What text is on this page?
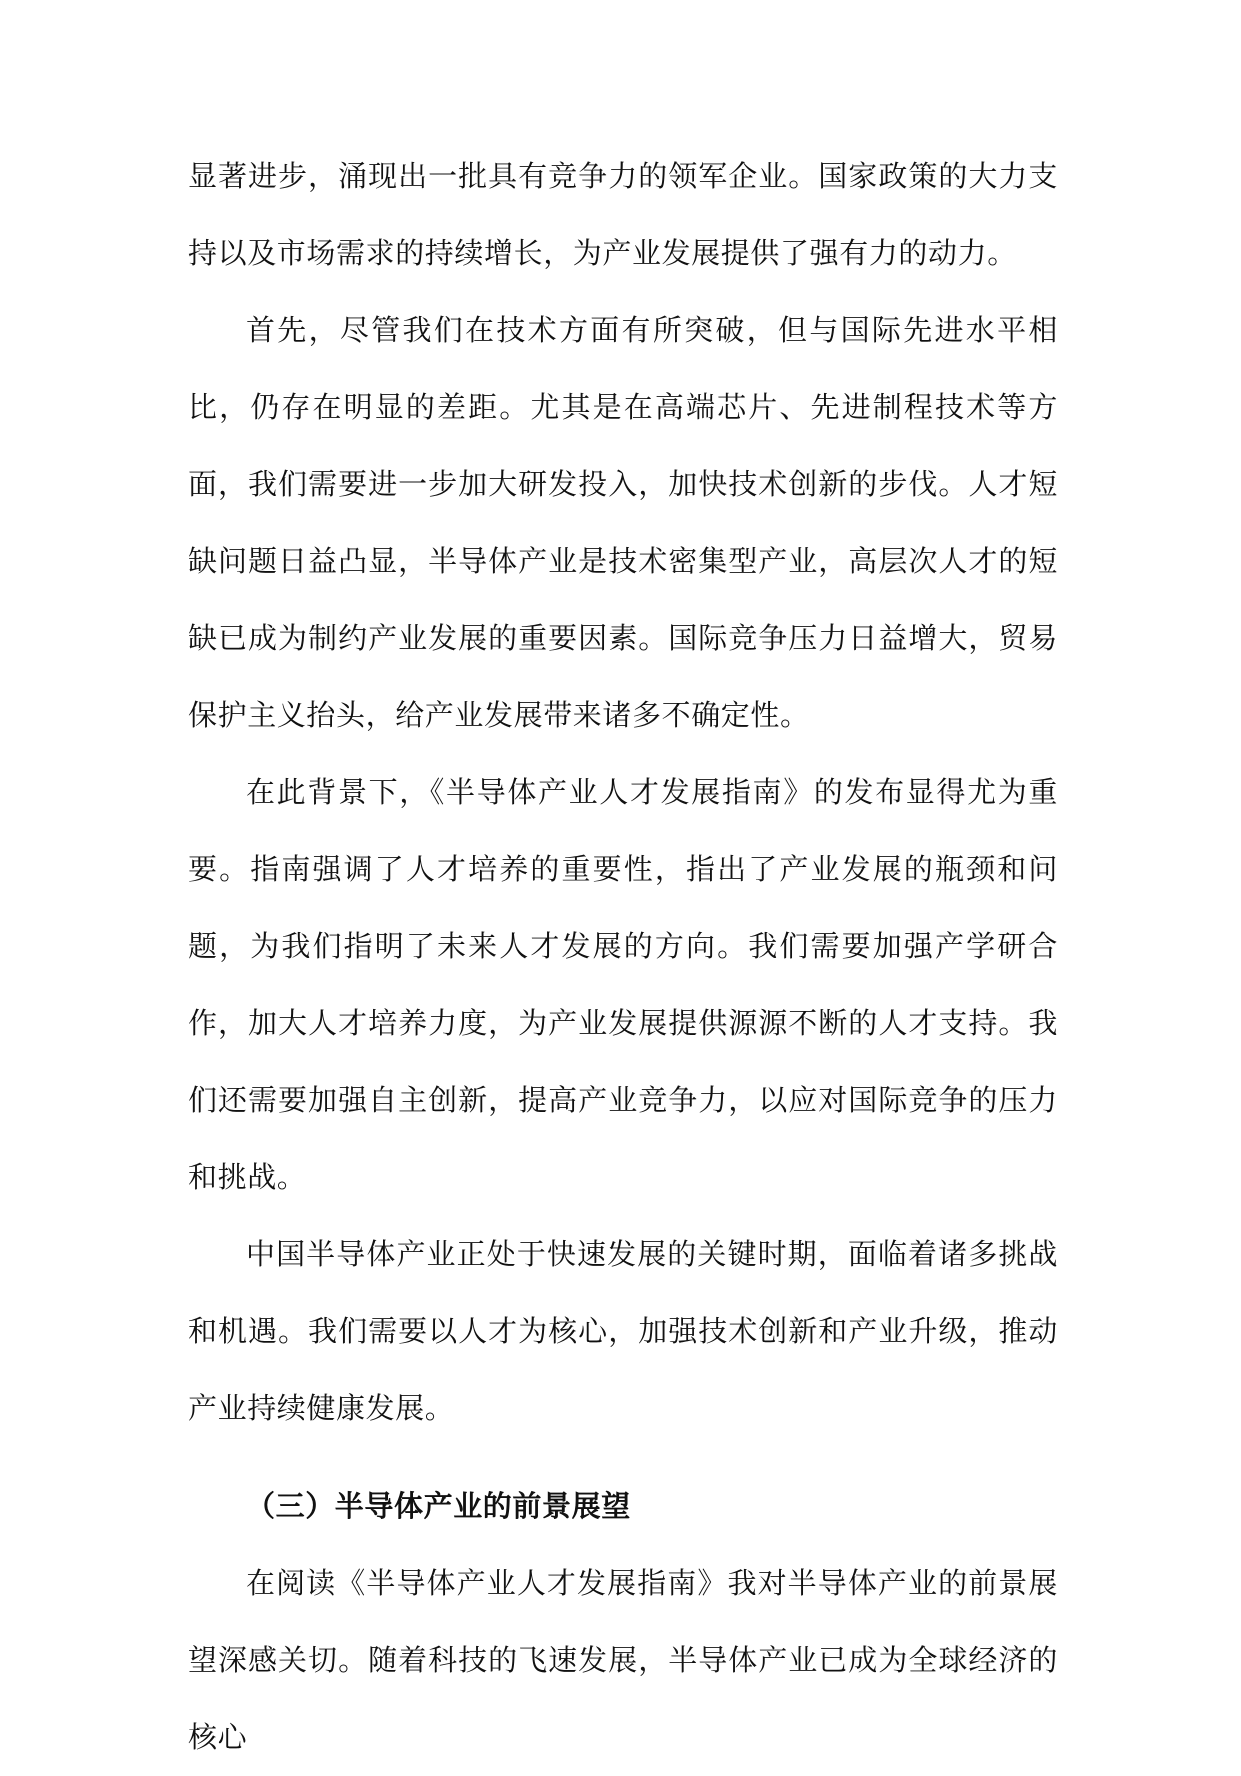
显著进步，涌现出一批具有竞争力的领军企业。国家政策的大力支持以及市场需求的持续增长，为产业发展提供了强有力的动力。

首先，尽管我们在技术方面有所突破，但与国际先进水平相比，仍存在明显的差距。尤其是在高端芯片、先进制程技术等方面，我们需要进一步加大研发投入，加快技术创新的步伐。人才短缺问题日益凸显，半导体产业是技术密集型产业，高层次人才的短缺已成为制约产业发展的重要因素。国际竞争压力日益增大，贸易保护主义抬头，给产业发展带来诸多不确定性。

在此背景下，《半导体产业人才发展指南》的发布显得尤为重要。指南强调了人才培养的重要性，指出了产业发展的瓶颈和问题，为我们指明了未来人才发展的方向。我们需要加强产学研合作，加大人才培养力度，为产业发展提供源源不断的人才支持。我们还需要加强自主创新，提高产业竞争力，以应对国际竞争的压力和挑战。

中国半导体产业正处于快速发展的关键时期，面临着诸多挑战和机遇。我们需要以人才为核心，加强技术创新和产业升级，推动产业持续健康发展。

（三）半导体产业的前景展望

在阅读《半导体产业人才发展指南》我对半导体产业的前景展望深感关切。随着科技的飞速发展，半导体产业已成为全球经济的核心
